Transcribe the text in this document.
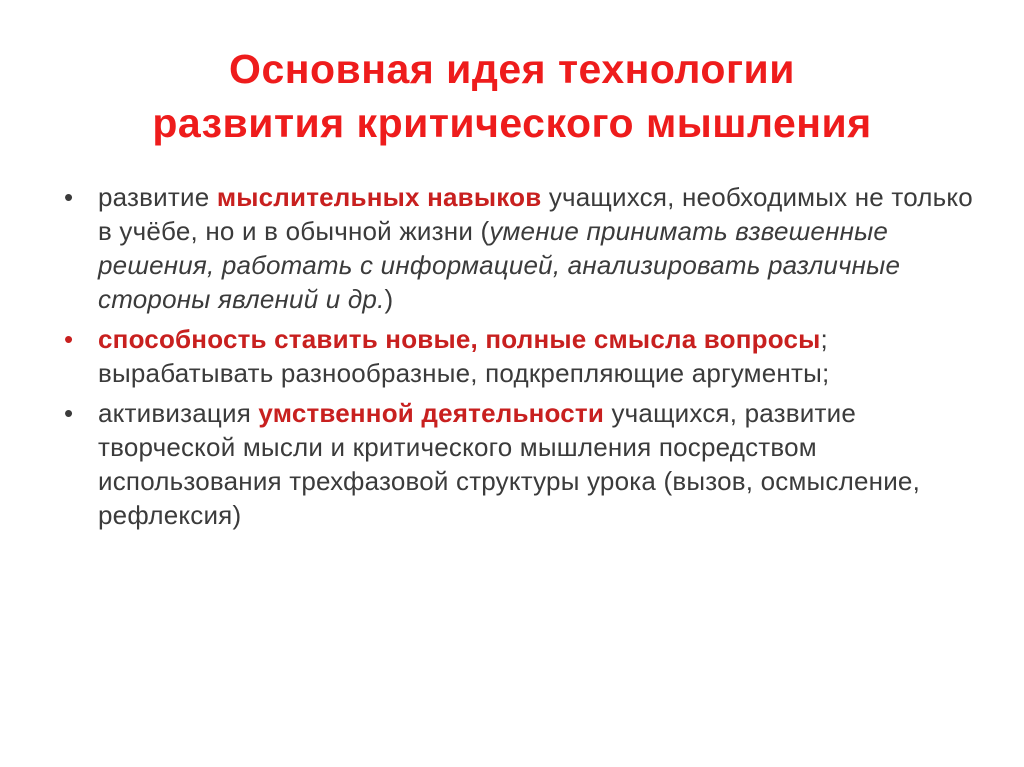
Основная идея технологии
развития критического мышления
• развитие мыслительных навыков учащихся, необходимых не только в учёбе, но и в обычной жизни (умение принимать взвешенные решения, работать с информацией, анализировать различные стороны явлений и др.)
• способность ставить новые, полные смысла вопросы; вырабатывать разнообразные, подкрепляющие аргументы;
• активизация умственной деятельности учащихся, развитие творческой мысли и критического мышления посредством использования трехфазовой структуры урока (вызов, осмысление, рефлексия)
